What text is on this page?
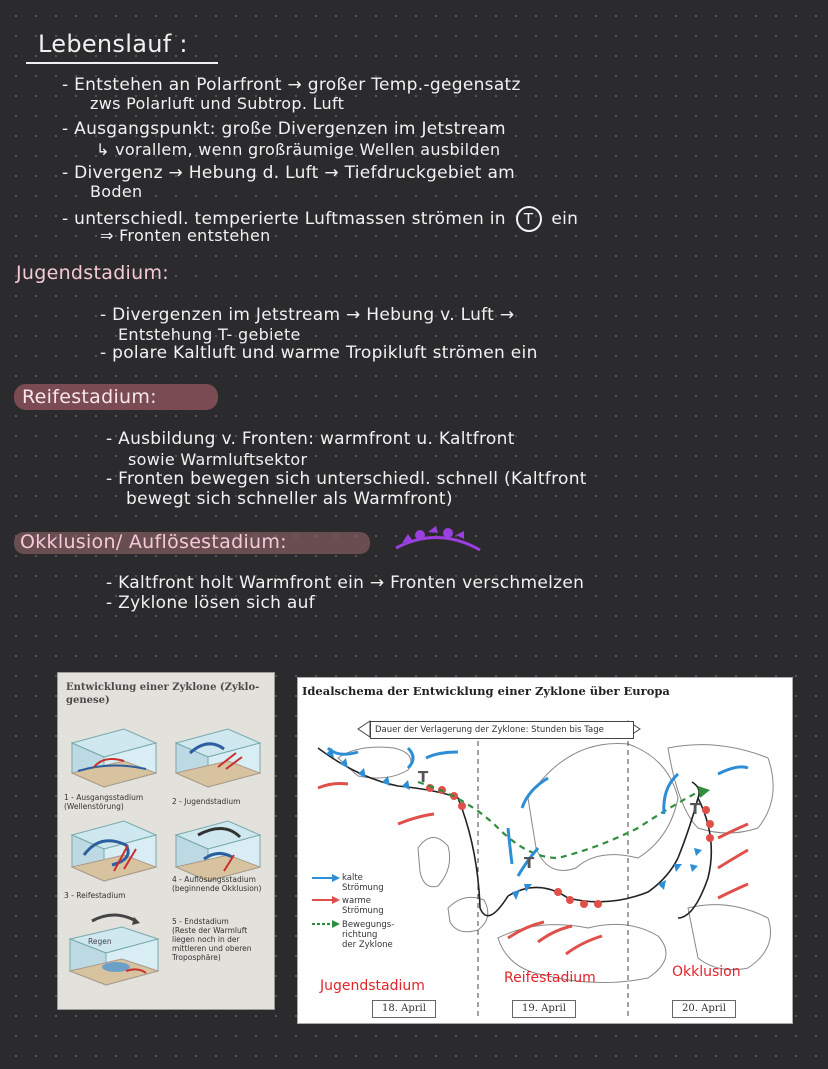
Lebenslauf :
- Entstehen an Polarfront → großer Temp.-gegensatz
zws Polarluft und Subtrop. Luft
- Ausgangspunkt: große Divergenzen im Jetstream
↳ vorallem, wenn großräumige Wellen ausbilden
- Divergenz → Hebung d. Luft → Tiefdruckgebiet am
Boden
- unterschiedl. temperierte Luftmassen strömen in T ein
⇒ Fronten entstehen
Jugendstadium:
- Divergenzen im Jetstream → Hebung v. Luft →
Entstehung T- gebiete
- polare Kaltluft und warme Tropikluft strömen ein
Reifestadium:
- Ausbildung v. Fronten: warmfront u. Kaltfront
sowie Warmluftsektor
- Fronten bewegen sich unterschiedl. schnell (Kaltfront
bewegt sich schneller als Warmfront)
Okklusion/ Auflösestadium:
- Kaltfront holt Warmfront ein → Fronten verschmelzen
- Zyklone lösen sich auf
Entwicklung einer Zyklone (Zyklo-genese)
1 - Ausgangsstadium
(Wellenstörung)
2 - Jugendstadium
4 - Auflösungsstadium
(beginnende Okklusion)
3 - Reifestadium
Regen
5 - Endstadium
(Reste der Warmluft
liegen noch in der
mittleren und oberen
Troposphäre)
Idealschema der Entwicklung einer Zyklone über Europa
T
T
T
Dauer der Verlagerung der Zyklone: Stunden bis Tage
kalte
Strömung
warme
Strömung
Bewegungs-
richtung
der Zyklone
Jugendstadium	Reifestadium	Okklusion
18. April	19. April	20. April
